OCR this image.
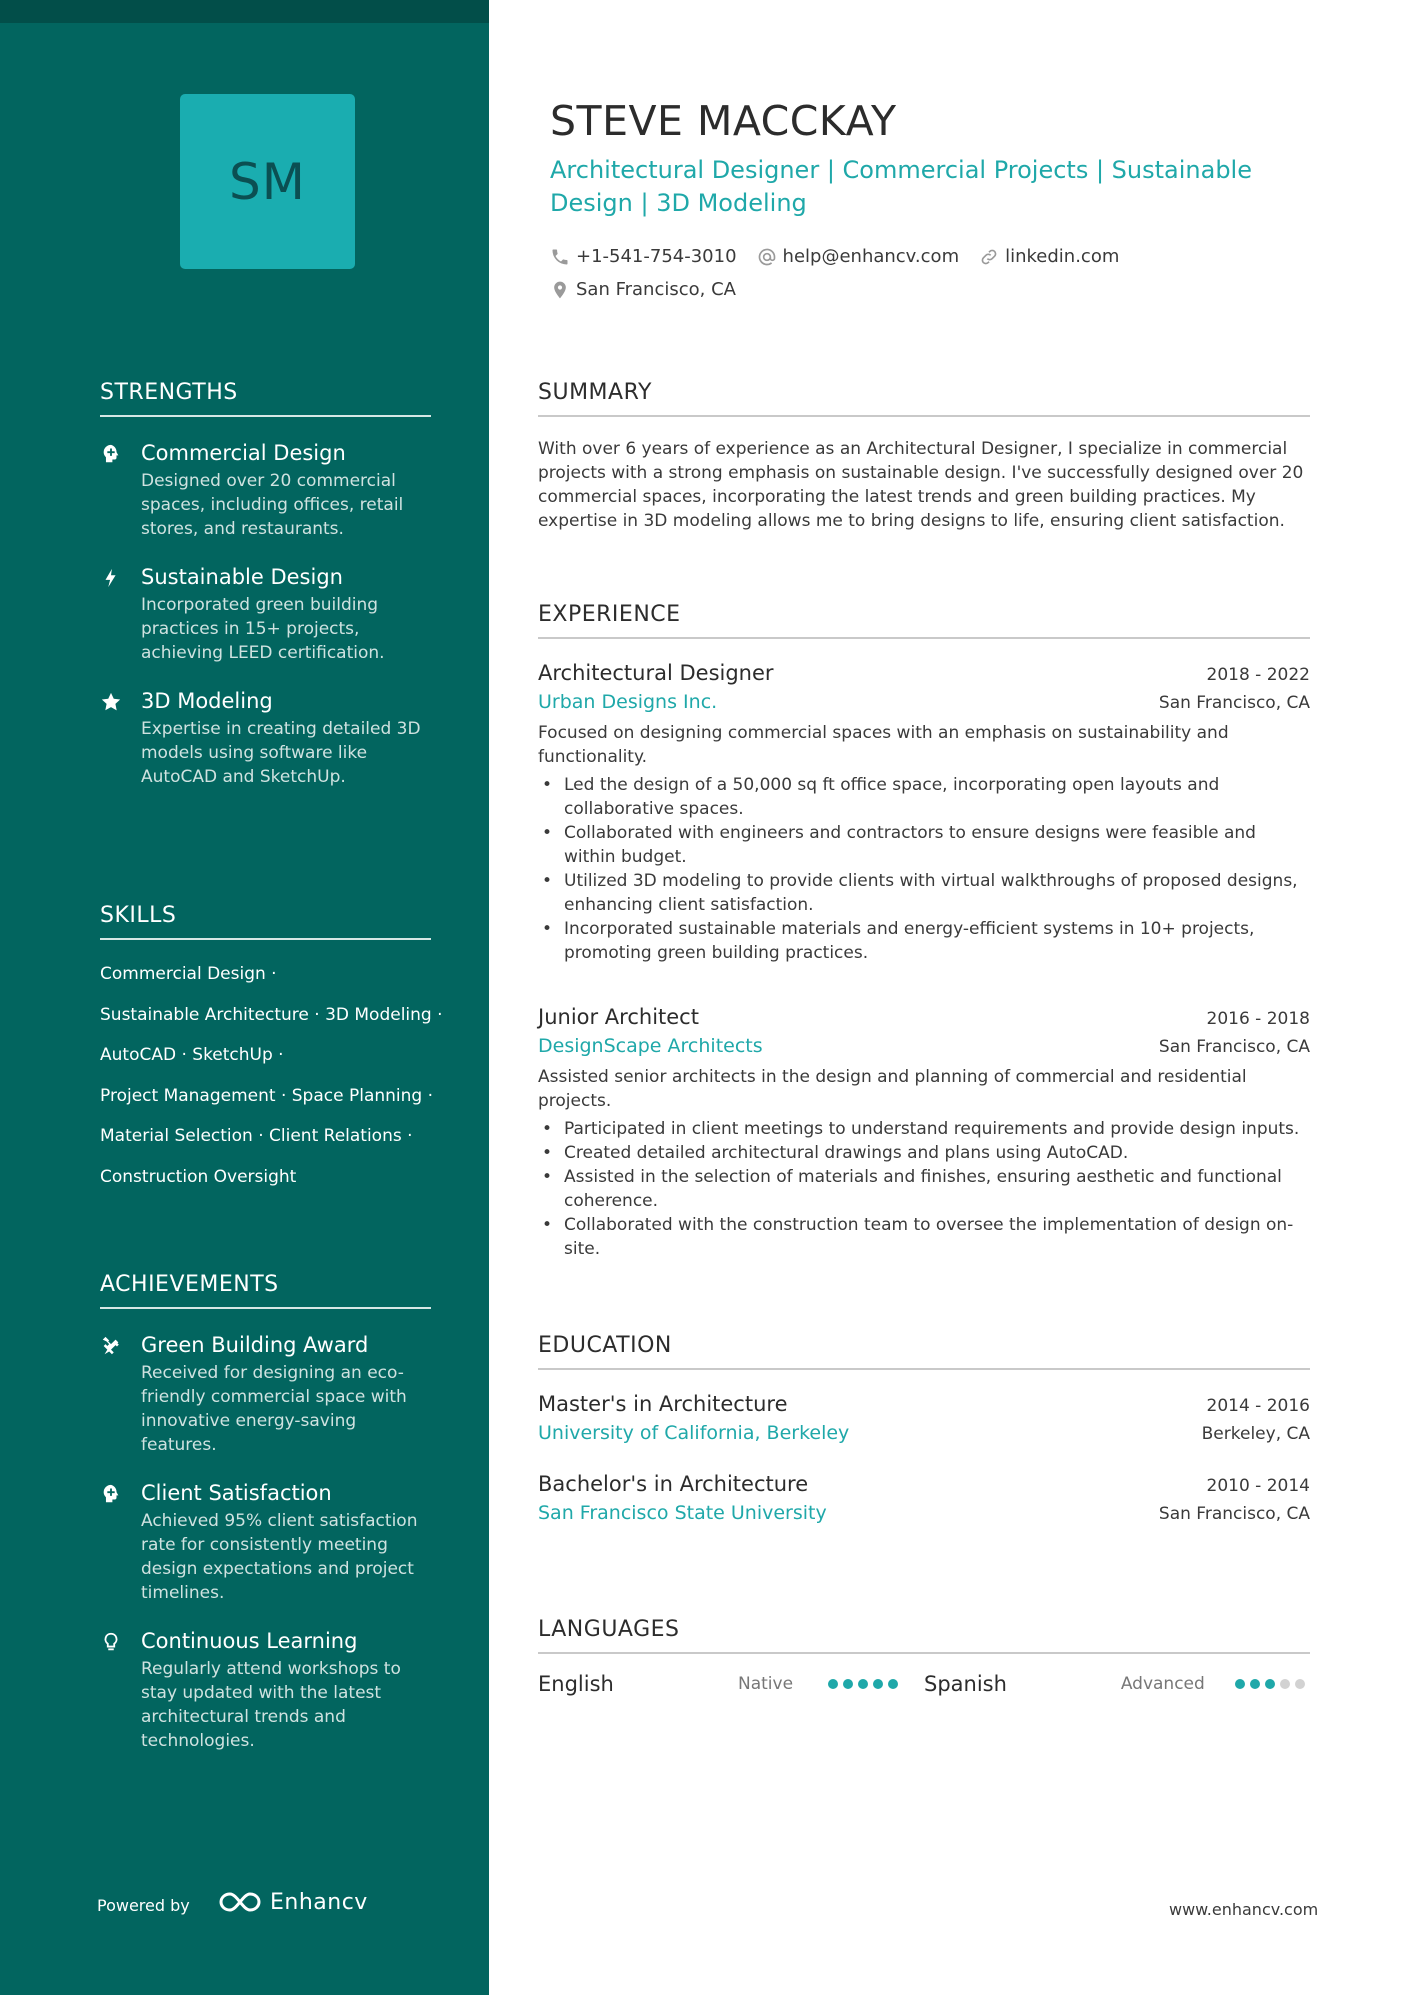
SM
STRENGTHS
Commercial Design
Designed over 20 commercial spaces, including offices, retail stores, and restaurants.
Sustainable Design
Incorporated green building practices in 15+ projects, achieving LEED certification.
3D Modeling
Expertise in creating detailed 3D models using software like AutoCAD and SketchUp.
SKILLS
Commercial Design ·
Sustainable Architecture · 3D Modeling ·
AutoCAD · SketchUp ·
Project Management · Space Planning ·
Material Selection · Client Relations ·
Construction Oversight
ACHIEVEMENTS
Green Building Award
Received for designing an eco-friendly commercial space with innovative energy-saving features.
Client Satisfaction
Achieved 95% client satisfaction rate for consistently meeting design expectations and project timelines.
Continuous Learning
Regularly attend workshops to stay updated with the latest architectural trends and technologies.
Powered by	Enhancv
STEVE MACCKAY
Architectural Designer | Commercial Projects | Sustainable Design | 3D Modeling
+1-541-754-3010	help@enhancv.com	linkedin.com
San Francisco, CA
SUMMARY
With over 6 years of experience as an Architectural Designer, I specialize in commercial projects with a strong emphasis on sustainable design. I've successfully designed over 20 commercial spaces, incorporating the latest trends and green building practices. My expertise in 3D modeling allows me to bring designs to life, ensuring client satisfaction.
EXPERIENCE
Architectural Designer	2018 - 2022
Urban Designs Inc.	San Francisco, CA
Focused on designing commercial spaces with an emphasis on sustainability and functionality.
• Led the design of a 50,000 sq ft office space, incorporating open layouts and collaborative spaces.
• Collaborated with engineers and contractors to ensure designs were feasible and within budget.
• Utilized 3D modeling to provide clients with virtual walkthroughs of proposed designs, enhancing client satisfaction.
• Incorporated sustainable materials and energy-efficient systems in 10+ projects, promoting green building practices.
Junior Architect	2016 - 2018
DesignScape Architects	San Francisco, CA
Assisted senior architects in the design and planning of commercial and residential projects.
• Participated in client meetings to understand requirements and provide design inputs.
• Created detailed architectural drawings and plans using AutoCAD.
• Assisted in the selection of materials and finishes, ensuring aesthetic and functional coherence.
• Collaborated with the construction team to oversee the implementation of design on-site.
EDUCATION
Master's in Architecture	2014 - 2016
University of California, Berkeley	Berkeley, CA
Bachelor's in Architecture	2010 - 2014
San Francisco State University	San Francisco, CA
LANGUAGES
English	Native	Spanish	Advanced
www.enhancv.com
